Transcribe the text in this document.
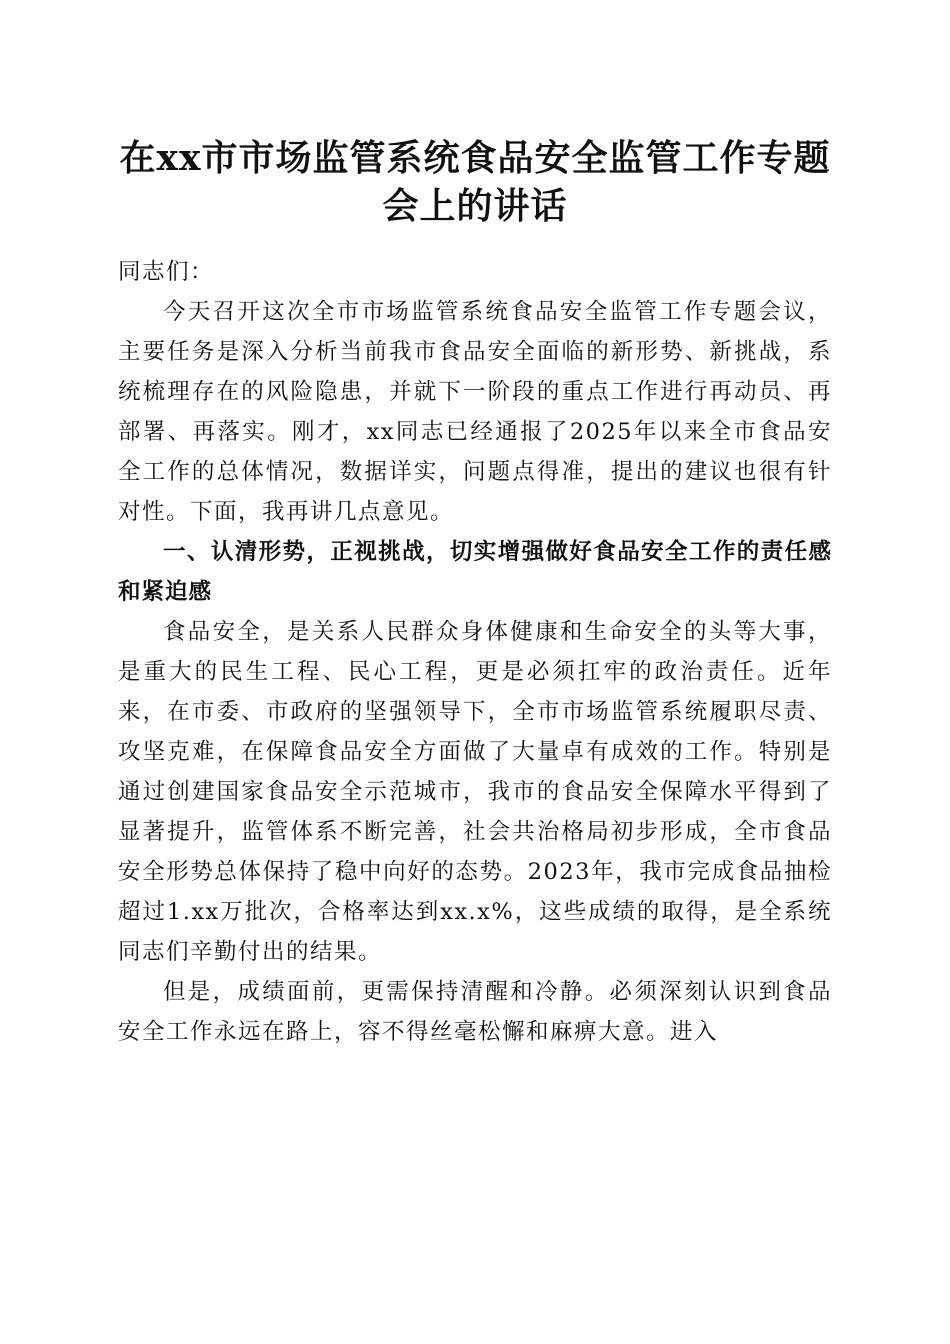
在xx市市场监管系统食品安全监管工作专题
会上的讲话

同志们：

今天召开这次全市市场监管系统食品安全监管工作专题会议，主要任务是深入分析当前我市食品安全面临的新形势、新挑战，系统梳理存在的风险隐患，并就下一阶段的重点工作进行再动员、再部署、再落实。刚才，xx同志已经通报了2025年以来全市食品安全工作的总体情况，数据详实，问题点得准，提出的建议也很有针对性。下面，我再讲几点意见。

一、认清形势，正视挑战，切实增强做好食品安全工作的责任感和紧迫感

食品安全，是关系人民群众身体健康和生命安全的头等大事，是重大的民生工程、民心工程，更是必须扛牢的政治责任。近年来，在市委、市政府的坚强领导下，全市市场监管系统履职尽责、攻坚克难，在保障食品安全方面做了大量卓有成效的工作。特别是通过创建国家食品安全示范城市，我市的食品安全保障水平得到了显著提升，监管体系不断完善，社会共治格局初步形成，全市食品安全形势总体保持了稳中向好的态势。2023年，我市完成食品抽检超过1.xx万批次，合格率达到xx.x%，这些成绩的取得，是全系统同志们辛勤付出的结果。

但是，成绩面前，更需保持清醒和冷静。必须深刻认识到食品安全工作永远在路上，容不得丝毫松懈和麻痹大意。进入
